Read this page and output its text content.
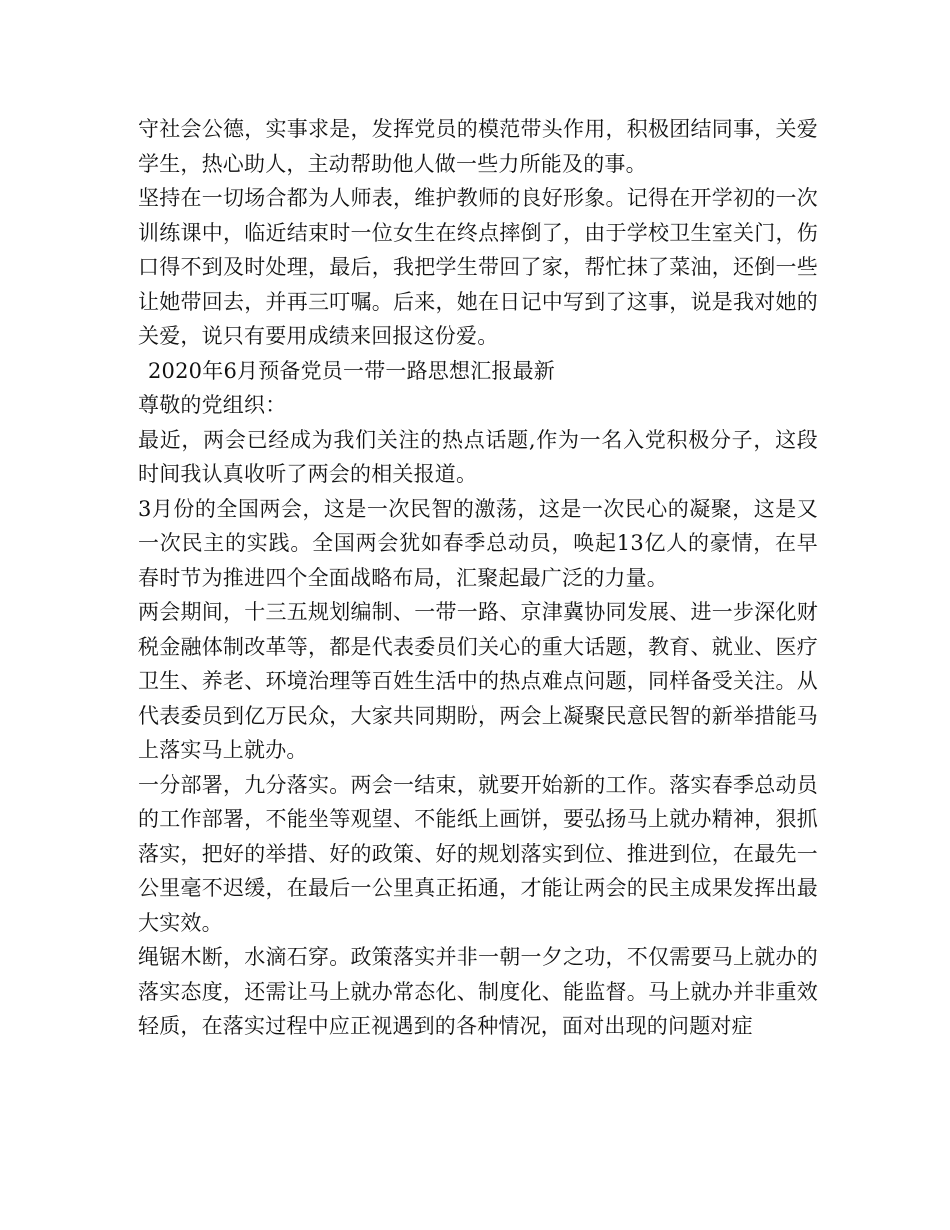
守社会公德，实事求是，发挥党员的模范带头作用，积极团结同事，关爱学生，热心助人，主动帮助他人做一些力所能及的事。

坚持在一切场合都为人师表，维护教师的良好形象。记得在开学初的一次训练课中，临近结束时一位女生在终点摔倒了，由于学校卫生室关门，伤口得不到及时处理，最后，我把学生带回了家，帮忙抹了菜油，还倒一些让她带回去，并再三叮嘱。后来，她在日记中写到了这事，说是我对她的关爱，说只有要用成绩来回报这份爱。

2020年6月预备党员一带一路思想汇报最新

尊敬的党组织：

最近，两会已经成为我们关注的热点话题,作为一名入党积极分子，这段时间我认真收听了两会的相关报道。

3月份的全国两会，这是一次民智的激荡，这是一次民心的凝聚，这是又一次民主的实践。全国两会犹如春季总动员，唤起13亿人的豪情，在早春时节为推进四个全面战略布局，汇聚起最广泛的力量。

两会期间，十三五规划编制、一带一路、京津冀协同发展、进一步深化财税金融体制改革等，都是代表委员们关心的重大话题，教育、就业、医疗卫生、养老、环境治理等百姓生活中的热点难点问题，同样备受关注。从代表委员到亿万民众，大家共同期盼，两会上凝聚民意民智的新举措能马上落实马上就办。

一分部署，九分落实。两会一结束，就要开始新的工作。落实春季总动员的工作部署，不能坐等观望、不能纸上画饼，要弘扬马上就办精神，狠抓落实，把好的举措、好的政策、好的规划落实到位、推进到位，在最先一公里毫不迟缓，在最后一公里真正拓通，才能让两会的民主成果发挥出最大实效。

绳锯木断，水滴石穿。政策落实并非一朝一夕之功，不仅需要马上就办的落实态度，还需让马上就办常态化、制度化、能监督。马上就办并非重效轻质，在落实过程中应正视遇到的各种情况，面对出现的问题对症
